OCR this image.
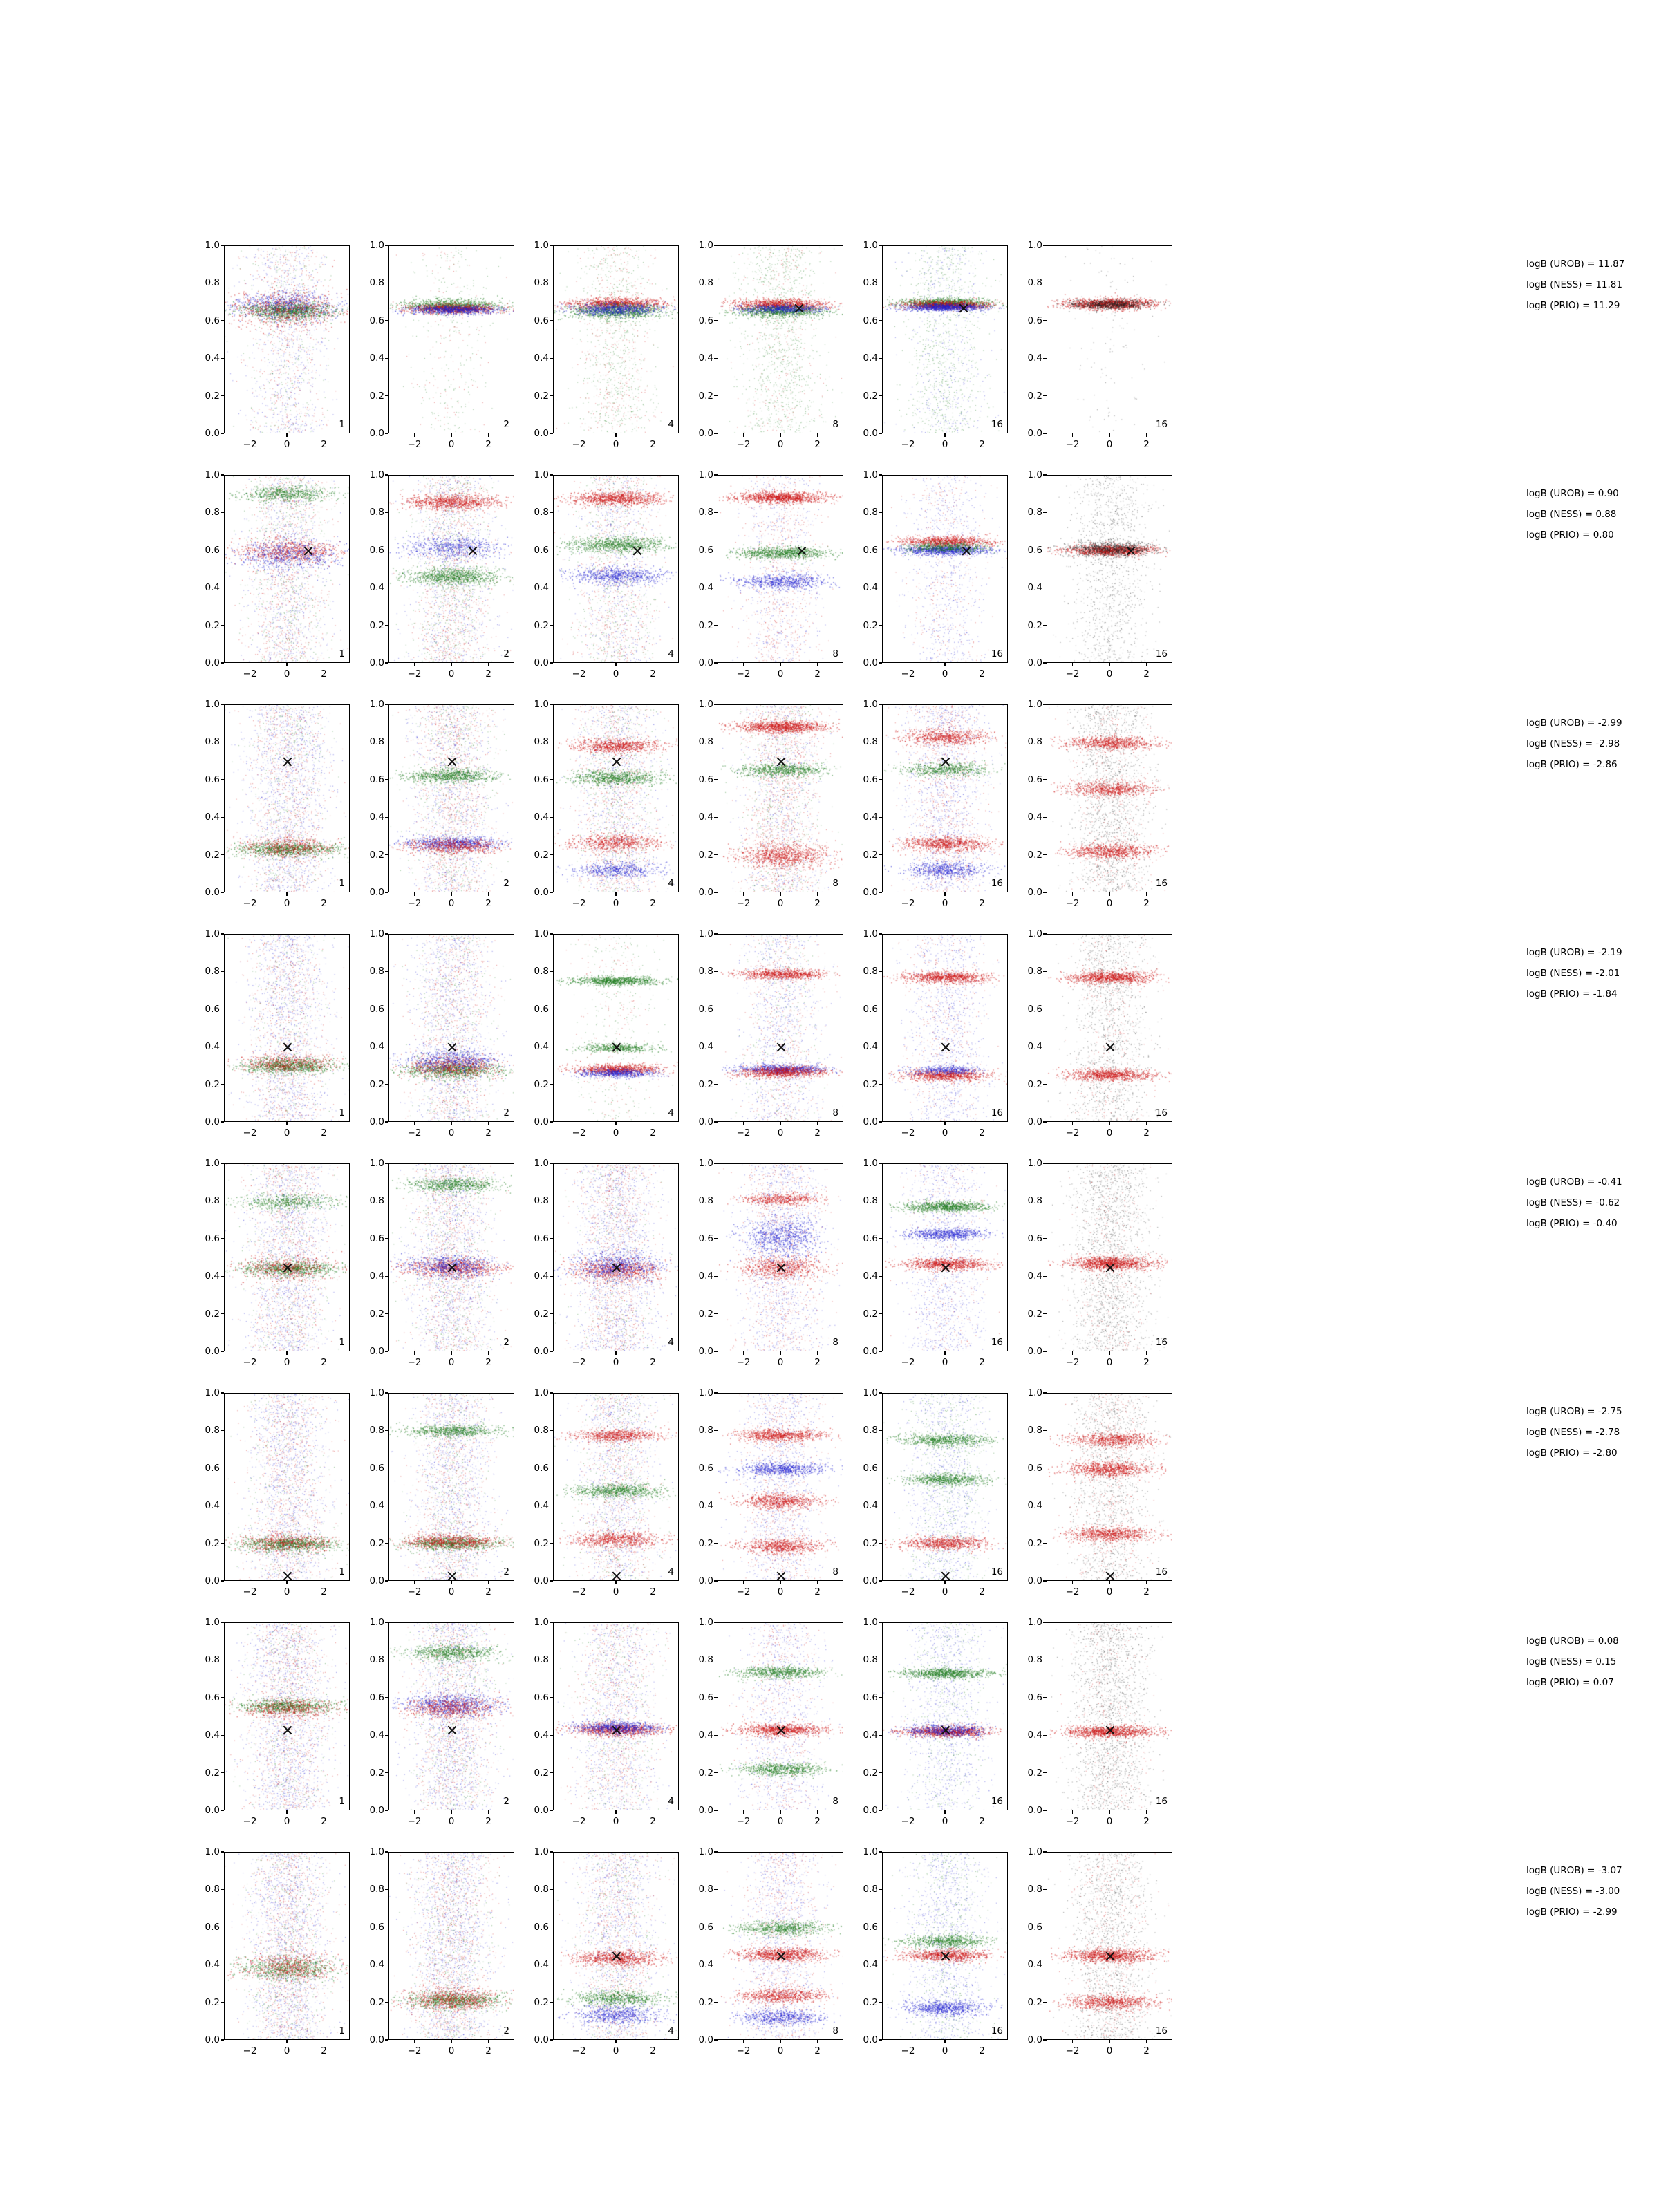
0.0
0.2
0.4
0.6
0.8
1.0
−2	0	2
1
0.0
0.2
0.4
0.6
0.8
1.0
−2	0	2
2
0.0
0.2
0.4
0.6
0.8
1.0
−2	0	2
4
0.0
0.2
0.4
0.6
0.8
1.0
−2	0	2
8
0.0
0.2
0.4
0.6
0.8
1.0
−2	0	2
16
0.0
0.2
0.4
0.6
0.8
1.0
−2	0	2
16
0.0
0.2
0.4
0.6
0.8
1.0
−2	0	2
1
0.0
0.2
0.4
0.6
0.8
1.0
−2	0	2
2
0.0
0.2
0.4
0.6
0.8
1.0
−2	0	2
4
0.0
0.2
0.4
0.6
0.8
1.0
−2	0	2
8
0.0
0.2
0.4
0.6
0.8
1.0
−2	0	2
16
0.0
0.2
0.4
0.6
0.8
1.0
−2	0	2
16
0.0
0.2
0.4
0.6
0.8
1.0
−2	0	2
1
0.0
0.2
0.4
0.6
0.8
1.0
−2	0	2
2
0.0
0.2
0.4
0.6
0.8
1.0
−2	0	2
4
0.0
0.2
0.4
0.6
0.8
1.0
−2	0	2
8
0.0
0.2
0.4
0.6
0.8
1.0
−2	0	2
16
0.0
0.2
0.4
0.6
0.8
1.0
−2	0	2
16
0.0
0.2
0.4
0.6
0.8
1.0
−2	0	2
1
0.0
0.2
0.4
0.6
0.8
1.0
−2	0	2
2
0.0
0.2
0.4
0.6
0.8
1.0
−2	0	2
4
0.0
0.2
0.4
0.6
0.8
1.0
−2	0	2
8
0.0
0.2
0.4
0.6
0.8
1.0
−2	0	2
16
0.0
0.2
0.4
0.6
0.8
1.0
−2	0	2
16
0.0
0.2
0.4
0.6
0.8
1.0
−2	0	2
1
0.0
0.2
0.4
0.6
0.8
1.0
−2	0	2
2
0.0
0.2
0.4
0.6
0.8
1.0
−2	0	2
4
0.0
0.2
0.4
0.6
0.8
1.0
−2	0	2
8
0.0
0.2
0.4
0.6
0.8
1.0
−2	0	2
16
0.0
0.2
0.4
0.6
0.8
1.0
−2	0	2
16
0.0
0.2
0.4
0.6
0.8
1.0
−2	0	2
1
0.0
0.2
0.4
0.6
0.8
1.0
−2	0	2
2
0.0
0.2
0.4
0.6
0.8
1.0
−2	0	2
4
0.0
0.2
0.4
0.6
0.8
1.0
−2	0	2
8
0.0
0.2
0.4
0.6
0.8
1.0
−2	0	2
16
0.0
0.2
0.4
0.6
0.8
1.0
−2	0	2
16
0.0
0.2
0.4
0.6
0.8
1.0
−2	0	2
1
0.0
0.2
0.4
0.6
0.8
1.0
−2	0	2
2
0.0
0.2
0.4
0.6
0.8
1.0
−2	0	2
4
0.0
0.2
0.4
0.6
0.8
1.0
−2	0	2
8
0.0
0.2
0.4
0.6
0.8
1.0
−2	0	2
16
0.0
0.2
0.4
0.6
0.8
1.0
−2	0	2
16
0.0
0.2
0.4
0.6
0.8
1.0
−2	0	2
1
0.0
0.2
0.4
0.6
0.8
1.0
−2	0	2
2
0.0
0.2
0.4
0.6
0.8
1.0
−2	0	2
4
0.0
0.2
0.4
0.6
0.8
1.0
−2	0	2
8
0.0
0.2
0.4
0.6
0.8
1.0
−2	0	2
16
0.0
0.2
0.4
0.6
0.8
1.0
−2	0	2
16
logB (UROB) = 11.87
logB (NESS) = 11.81
logB (PRIO) = 11.29
logB (UROB) = 0.90
logB (NESS) = 0.88
logB (PRIO) = 0.80
logB (UROB) = -2.99
logB (NESS) = -2.98
logB (PRIO) = -2.86
logB (UROB) = -2.19
logB (NESS) = -2.01
logB (PRIO) = -1.84
logB (UROB) = -0.41
logB (NESS) = -0.62
logB (PRIO) = -0.40
logB (UROB) = -2.75
logB (NESS) = -2.78
logB (PRIO) = -2.80
logB (UROB) = 0.08
logB (NESS) = 0.15
logB (PRIO) = 0.07
logB (UROB) = -3.07
logB (NESS) = -3.00
logB (PRIO) = -2.99
